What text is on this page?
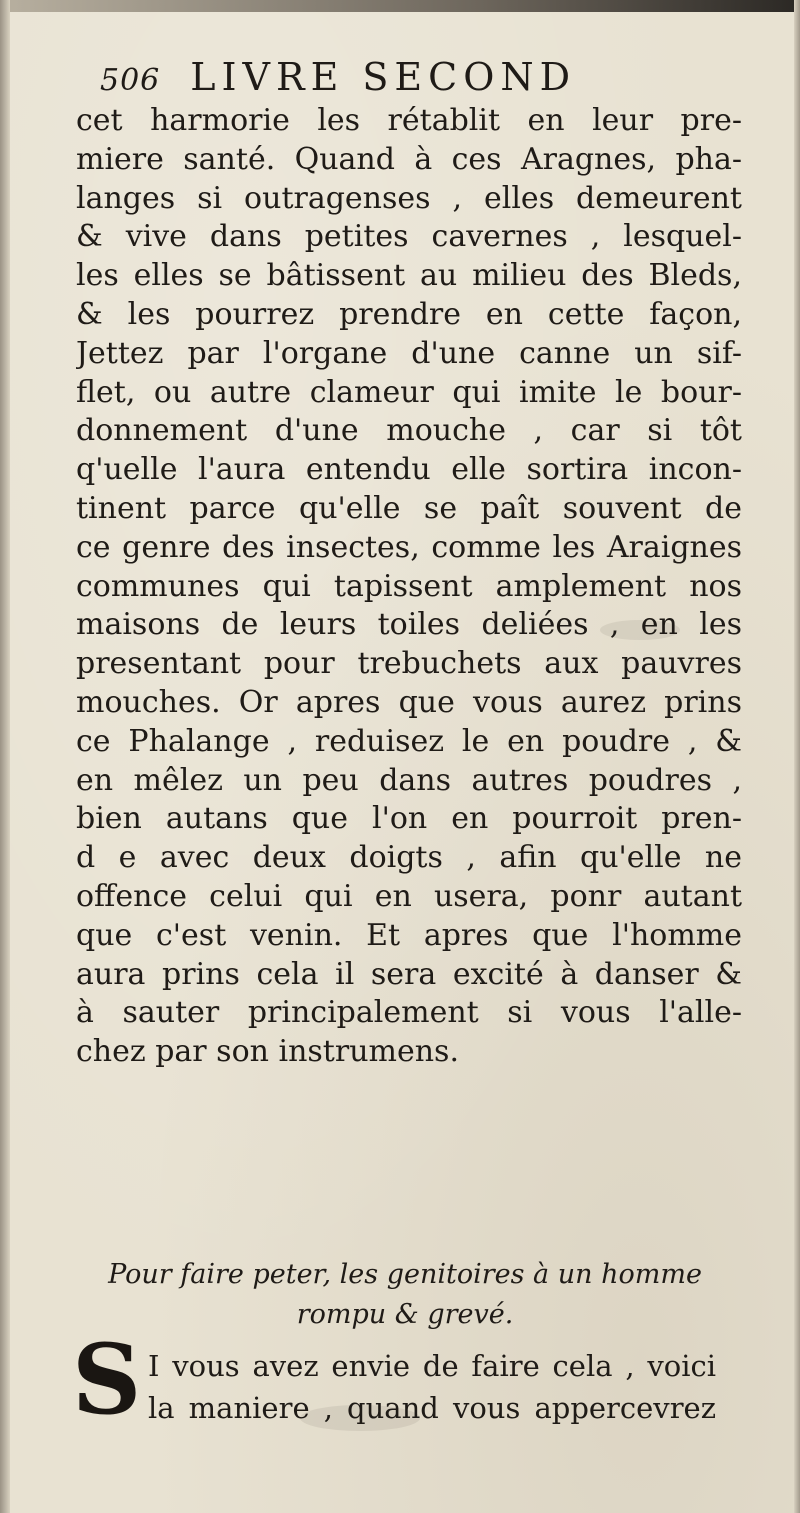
506 LIVRE SECOND
cet harmorie les rétablit en leur pre-
miere santé. Quand à ces Aragnes, pha-
langes si outragenses , elles demeurent
& vive dans petites cavernes , lesquel-
les elles se bâtissent au milieu des Bleds,
& les pourrez prendre en cette façon,
Jettez par l'organe d'une canne un sif-
flet, ou autre clameur qui imite le bour-
donnement d'une mouche , car si tôt
q'uelle l'aura entendu elle sortira incon-
tinent parce qu'elle se paît souvent de
ce genre des insectes, comme les Araignes
communes qui tapissent amplement nos
maisons de leurs toiles deliées , en les
presentant pour trebuchets aux pauvres
mouches. Or apres que vous aurez prins
ce Phalange , reduisez le en poudre , &
en mêlez un peu dans autres poudres ,
bien autans que l'on en pourroit pren-
d e avec deux doigts , afin qu'elle ne
offence celui qui en usera, ponr autant
que c'est venin. Et apres que l'homme
aura prins cela il sera excité à danser &
à sauter principalement si vous l'alle-
chez par son instrumens.
Pour faire peter, les genitoires à un homme
rompu & grevé.
S I vous avez envie de faire cela , voici
la maniere , quand vous appercevrez
